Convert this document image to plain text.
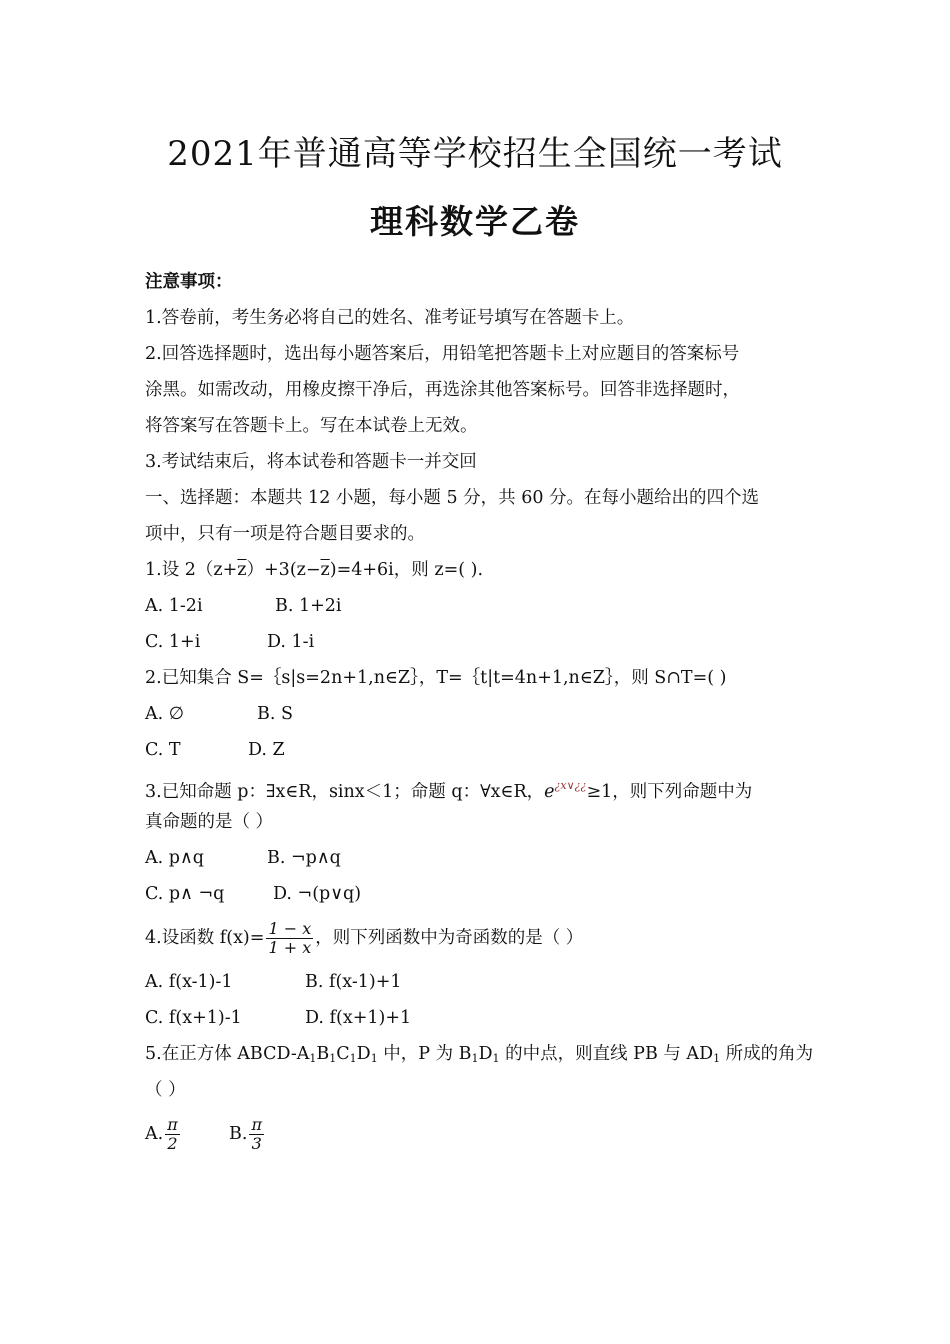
2021年普通高等学校招生全国统一考试
理科数学乙卷
注意事项：
1.答卷前，考生务必将自己的姓名、准考证号填写在答题卡上。
2.回答选择题时，选出每小题答案后，用铅笔把答题卡上对应题目的答案标号
涂黑。如需改动，用橡皮擦干净后，再选涂其他答案标号。回答非选择题时，
将答案写在答题卡上。写在本试卷上无效。
3.考试结束后，将本试卷和答题卡一并交回
一、选择题：本题共 12 小题，每小题 5 分，共 60 分。在每小题给出的四个选
项中，只有一项是符合题目要求的。
1.设 $2(z+\overline{z})+3(z-\overline{z})=4+6i$，则 z=( ).
A. 1-2i	B. 1+2i
C. 1+i	D. 1-i
2.已知集合 S=｛s|s=2n+1,n∈Z｝，T=｛t|t=4n+1,n∈Z｝，则 S∩T=( )
A. ∅	B. S
C. T	D. Z
3.已知命题 p：∃x∈R，sinx＜1；命题 q：∀x∈R，$e^{¿x\vee¿¿}\ge 1$，则下列命题中为
真命题的是（ ）
A. p∧q	B. ¬p∧q
C. p∧ ¬q	D. ¬(p∨q)
4.设函数 $f(x)= \frac{1 - x}{1 + x}$ ，则下列函数中为奇函数的是（ ）
A. f(x-1)-1	B. f(x-1)+1
C. f(x+1)-1	D. f(x+1)+1
5.在正方体 ABCD-$A_1B_1C_1D_1$ 中，P 为 $B_1D_1$ 的中点，则直线 PB 与 $AD_1$ 所成的角为
（ ）
A. $\frac{\pi}{2}$	B. $\frac{\pi}{3}$
